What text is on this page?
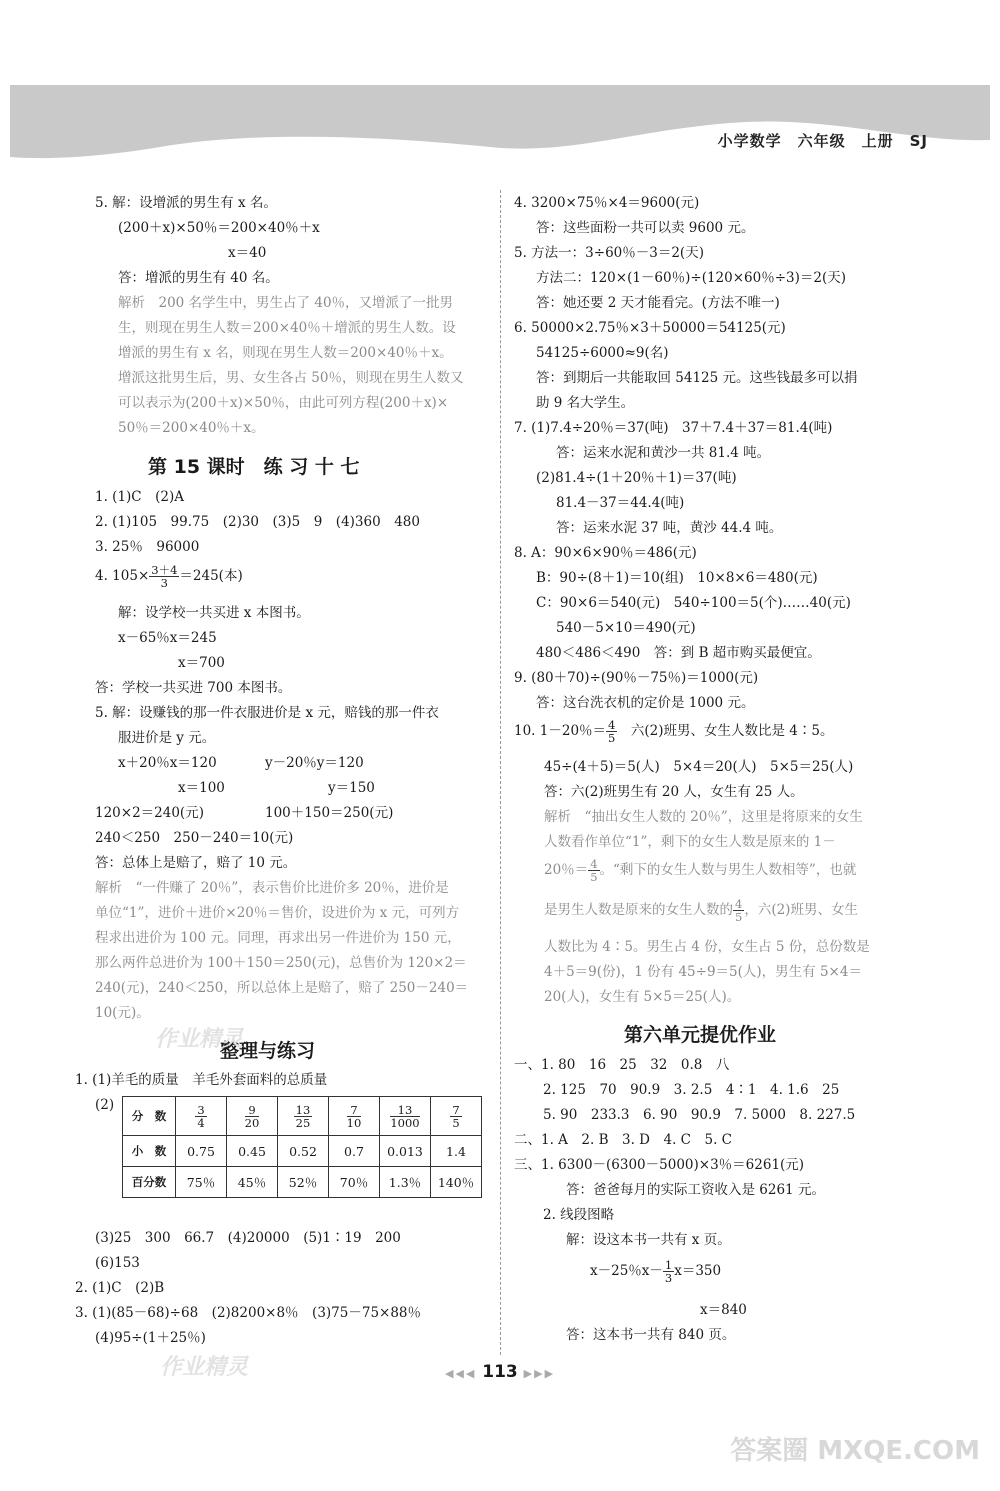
小学数学　六年级　上册　SJ
5. 解：设增派的男生有 x 名。
(200＋x)×50％＝200×40％＋x
x＝40
答：增派的男生有 40 名。
解析　200 名学生中，男生占了 40％，又增派了一批男
生，则现在男生人数＝200×40％＋增派的男生人数。设
增派的男生有 x 名，则现在男生人数＝200×40％＋x。
增派这批男生后，男、女生各占 50％，则现在男生人数又
可以表示为(200＋x)×50％，由此可列方程(200＋x)×
50％＝200×40％＋x。
第 15 课时　练 习 十 七
1. (1)C　(2)A
2. (1)105　99.75　(2)30　(3)5　9　(4)360　480
3. 25％　96000
4. $105\times \frac{3+4}{3} =245$(本)
解：设学校一共买进 x 本图书。
x－65％x＝245
x＝700
答：学校一共买进 700 本图书。
5. 解：设赚钱的那一件衣服进价是 x 元，赔钱的那一件衣
服进价是 y 元。
x＋20％x＝120	y－20％y＝120
x＝100	y＝150
120×2＝240(元)	100＋150＝250(元)
240＜250　250－240＝10(元)
答：总体上是赔了，赔了 10 元。
解析　“一件赚了 20％”，表示售价比进价多 20％，进价是
单位“1”，进价＋进价×20％＝售价，设进价为 x 元，可列方
程求出进价为 100 元。同理，再求出另一件进价为 150 元，
那么两件总进价为 100＋150＝250(元)，总售价为 120×2＝
240(元)，240＜250，所以总体上是赔了，赔了 250－240＝
10(元)。
整理与练习
1. (1)羊毛的质量　羊毛外套面料的总质量
(2)
分　数	$\frac{3}{4}$	$\frac{9}{20}$	$\frac{13}{25}$	$\frac{7}{10}$	$\frac{13}{1000}$	$\frac{7}{5}$

小　数	0.75	0.45	0.52	0.7	0.013	1.4
百分数	75％	45％	52％	70％	1.3％	140％
(3)25　300　66.7　(4)20000　(5)1∶19　200
(6)153
2. (1)C　(2)B
3. (1)(85－68)÷68　(2)8200×8％　(3)75－75×88％
(4)95÷(1＋25％)
4. 3200×75％×4＝9600(元)
答：这些面粉一共可以卖 9600 元。
5. 方法一：3÷60％－3＝2(天)
方法二：120×(1－60％)÷(120×60％÷3)＝2(天)
答：她还要 2 天才能看完。(方法不唯一)
6. 50000×2.75％×3＋50000＝54125(元)
54125÷6000≈9(名)
答：到期后一共能取回 54125 元。这些钱最多可以捐
助 9 名大学生。
7. (1)7.4÷20％＝37(吨)　37＋7.4＋37＝81.4(吨)
答：运来水泥和黄沙一共 81.4 吨。
(2)81.4÷(1＋20％＋1)＝37(吨)
81.4－37＝44.4(吨)
答：运来水泥 37 吨，黄沙 44.4 吨。
8. A：90×6×90％＝486(元)
B：90÷(8＋1)＝10(组)　10×8×6＝480(元)
C：90×6＝540(元)　540÷100＝5(个)……40(元)
540－5×10＝490(元)
480＜486＜490　答：到 B 超市购买最便宜。
9. (80＋70)÷(90％－75％)＝1000(元)
答：这台洗衣机的定价是 1000 元。
10. 1－20％＝ $\frac{4}{5}$ 　六(2)班男、女生人数比是 4∶5。
45÷(4＋5)＝5(人)　5×4＝20(人)　5×5＝25(人)
答：六(2)班男生有 20 人，女生有 25 人。
解析　“抽出女生人数的 20％”，这里是将原来的女生
人数看作单位“1”，剩下的女生人数是原来的 1－
20％＝ $\frac{4}{5}$ 。“剩下的女生人数与男生人数相等”，也就
是男生人数是原来的女生人数的 $\frac{4}{5}$ ，六(2)班男、女生
人数比为 4∶5。男生占 4 份，女生占 5 份，总份数是
4＋5＝9(份)，1 份有 45÷9＝5(人)，男生有 5×4＝
20(人)，女生有 5×5＝25(人)。
第六单元提优作业
一、1. 80　16　25　32　0.8　八
2. 125　70　90.9　3. 2.5　4∶1　4. 1.6　25
5. 90　233.3　6. 90　90.9　7. 5000　8. 227.5
二、1. A　2. B　3. D　4. C　5. C
三、1. 6300－(6300－5000)×3％＝6261(元)
答：爸爸每月的实际工资收入是 6261 元。
2. 线段图略
解：设这本书一共有 x 页。
x－25％$x- \frac{1}{3} x=350$
x＝840
答：这本书一共有 840 页。
作业精灵
作业精灵
答案圈 MXQE.COM
◀◀◀ 113 ▶▶▶
